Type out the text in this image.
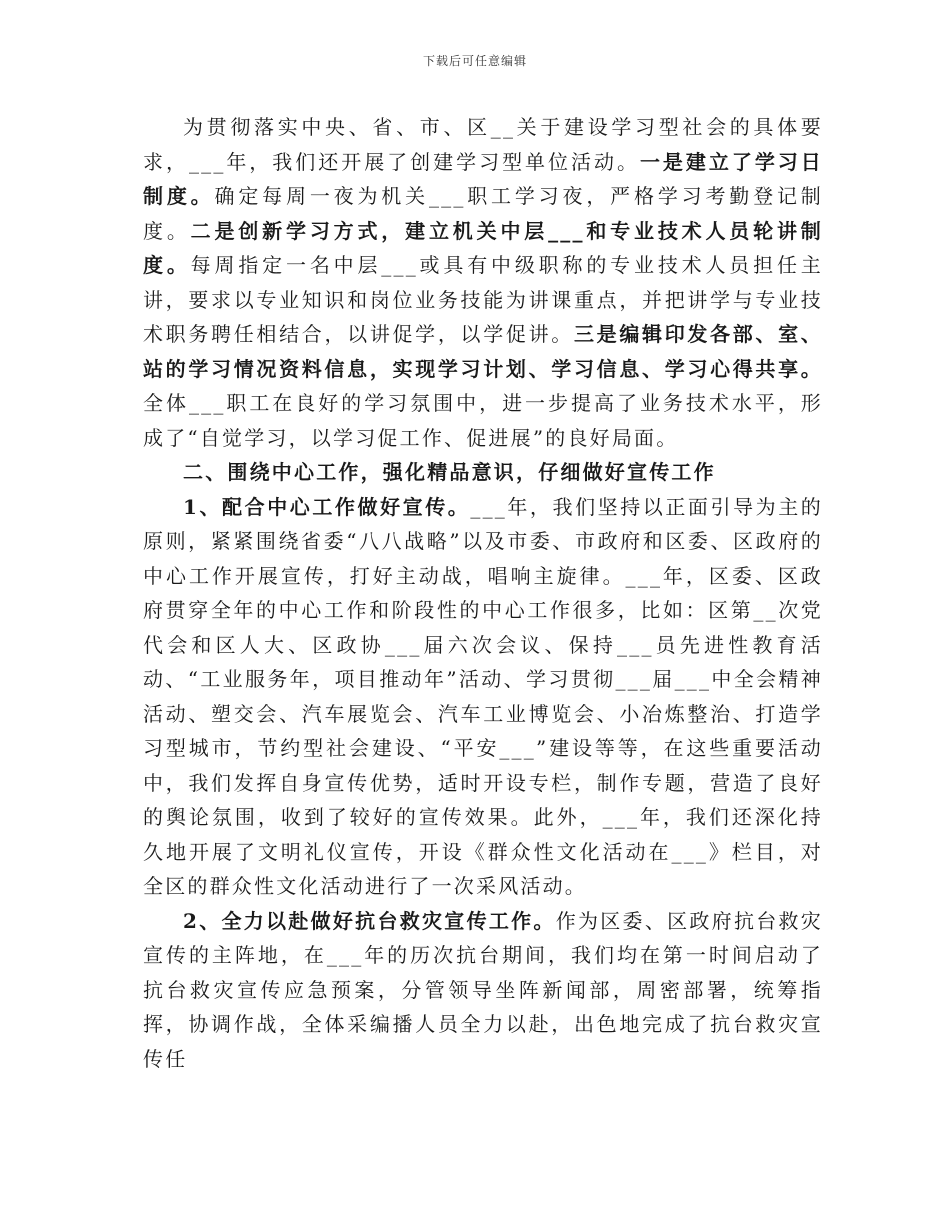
下载后可任意编辑

为贯彻落实中央、省、市、区__关于建设学习型社会的具体要求，___年，我们还开展了创建学习型单位活动。一是建立了学习日制度。确定每周一夜为机关___职工学习夜，严格学习考勤登记制度。二是创新学习方式，建立机关中层___和专业技术人员轮讲制度。每周指定一名中层___或具有中级职称的专业技术人员担任主讲，要求以专业知识和岗位业务技能为讲课重点，并把讲学与专业技术职务聘任相结合，以讲促学，以学促讲。三是编辑印发各部、室、站的学习情况资料信息，实现学习计划、学习信息、学习心得共享。全体___职工在良好的学习氛围中，进一步提高了业务技术水平，形成了“自觉学习，以学习促工作、促进展”的良好局面。

二、围绕中心工作，强化精品意识，仔细做好宣传工作

1、配合中心工作做好宣传。___年，我们坚持以正面引导为主的原则，紧紧围绕省委“八八战略”以及市委、市政府和区委、区政府的中心工作开展宣传，打好主动战，唱响主旋律。___年，区委、区政府贯穿全年的中心工作和阶段性的中心工作很多，比如：区第__次党代会和区人大、区政协___届六次会议、保持___员先进性教育活动、“工业服务年，项目推动年”活动、学习贯彻___届___中全会精神活动、塑交会、汽车展览会、汽车工业博览会、小冶炼整治、打造学习型城市，节约型社会建设、“平安___”建设等等，在这些重要活动中，我们发挥自身宣传优势，适时开设专栏，制作专题，营造了良好的舆论氛围，收到了较好的宣传效果。此外，___年，我们还深化持久地开展了文明礼仪宣传，开设《群众性文化活动在___》栏目，对全区的群众性文化活动进行了一次采风活动。

2、全力以赴做好抗台救灾宣传工作。作为区委、区政府抗台救灾宣传的主阵地，在___年的历次抗台期间，我们均在第一时间启动了抗台救灾宣传应急预案，分管领导坐阵新闻部，周密部署，统筹指挥，协调作战，全体采编播人员全力以赴，出色地完成了抗台救灾宣传任
